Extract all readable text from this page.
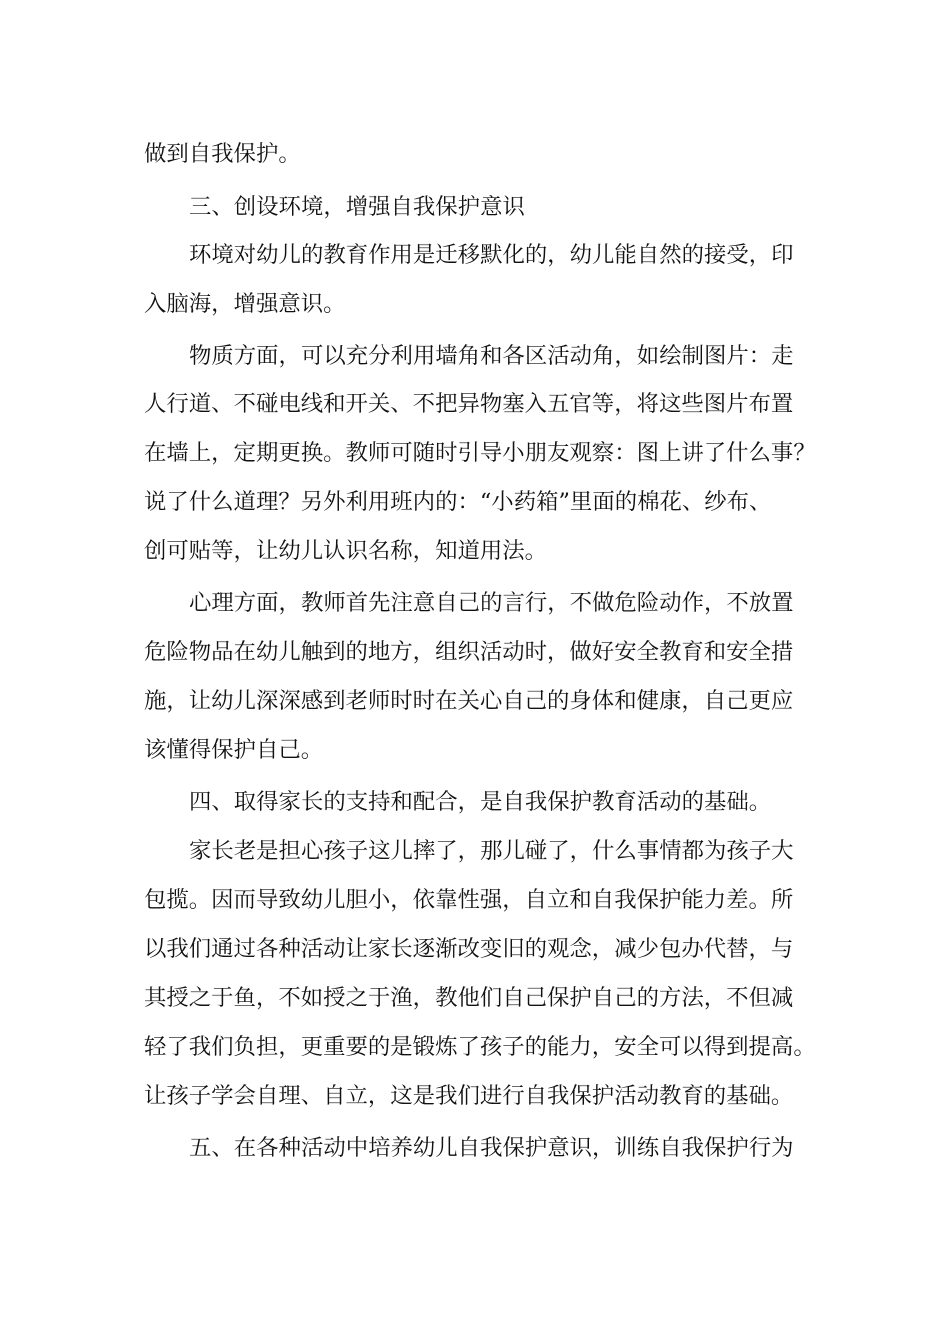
做到自我保护。
三、创设环境，增强自我保护意识
环境对幼儿的教育作用是迁移默化的，幼儿能自然的接受，印
入脑海，增强意识。
物质方面，可以充分利用墙角和各区活动角，如绘制图片：走
人行道、不碰电线和开关、不把异物塞入五官等，将这些图片布置
在墙上，定期更换。教师可随时引导小朋友观察：图上讲了什么事？
说了什么道理？另外利用班内的：“小药箱”里面的棉花、纱布、
创可贴等，让幼儿认识名称，知道用法。
心理方面，教师首先注意自己的言行，不做危险动作，不放置
危险物品在幼儿触到的地方，组织活动时，做好安全教育和安全措
施，让幼儿深深感到老师时时在关心自己的身体和健康，自己更应
该懂得保护自己。
四、取得家长的支持和配合，是自我保护教育活动的基础。
家长老是担心孩子这儿摔了，那儿碰了，什么事情都为孩子大
包揽。因而导致幼儿胆小，依靠性强，自立和自我保护能力差。所
以我们通过各种活动让家长逐渐改变旧的观念，减少包办代替，与
其授之于鱼，不如授之于渔，教他们自己保护自己的方法，不但减
轻了我们负担，更重要的是锻炼了孩子的能力，安全可以得到提高。
让孩子学会自理、自立，这是我们进行自我保护活动教育的基础。
五、在各种活动中培养幼儿自我保护意识，训练自我保护行为
